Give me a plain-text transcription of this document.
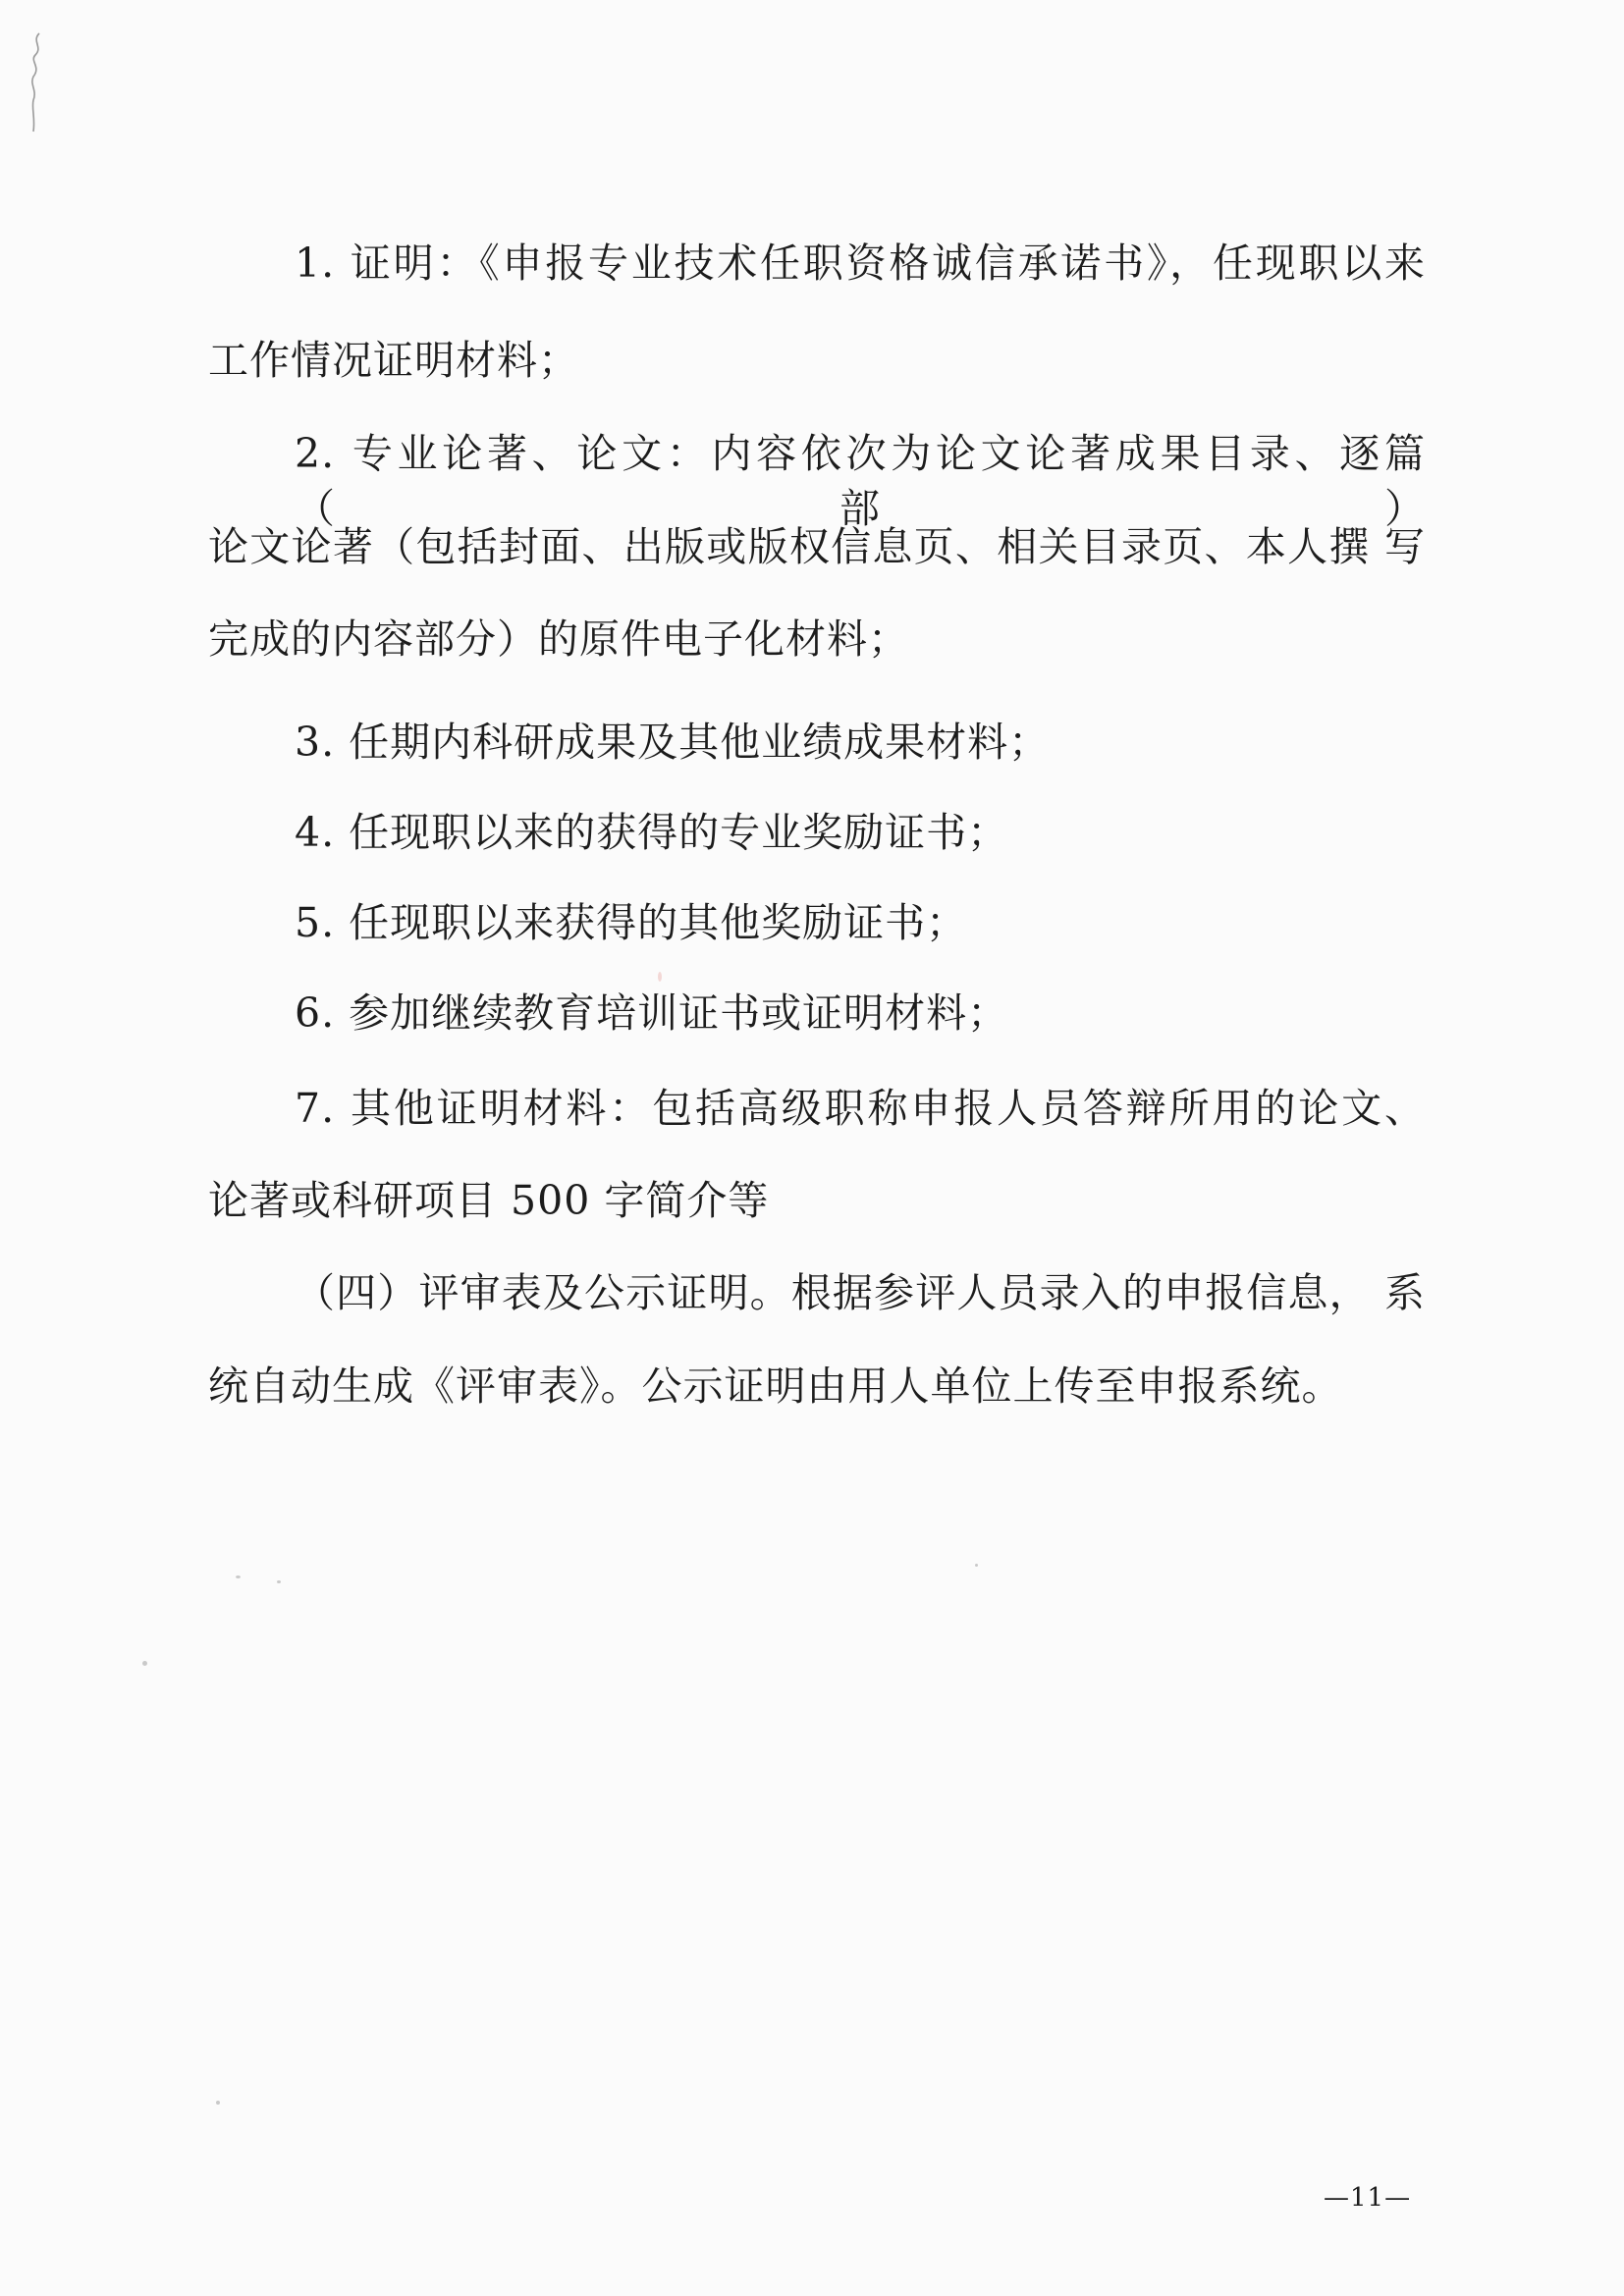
1. 证明：《申报专业技术任职资格诚信承诺书》，任现职以来
工作情况证明材料；
2. 专业论著、论文：内容依次为论文论著成果目录、逐篇（部）
论文论著（包括封面、出版或版权信息页、相关目录页、本人撰 写
完成的内容部分）的原件电子化材料；
3. 任期内科研成果及其他业绩成果材料；
4. 任现职以来的获得的专业奖励证书；
5. 任现职以来获得的其他奖励证书；
6. 参加继续教育培训证书或证明材料；
7. 其他证明材料：包括高级职称申报人员答辩所用的论文、
论著或科研项目 500 字简介等
（四）评审表及公示证明。根据参评人员录入的申报信息， 系
统自动生成《评审表》。公示证明由用人单位上传至申报系统。
—11—
